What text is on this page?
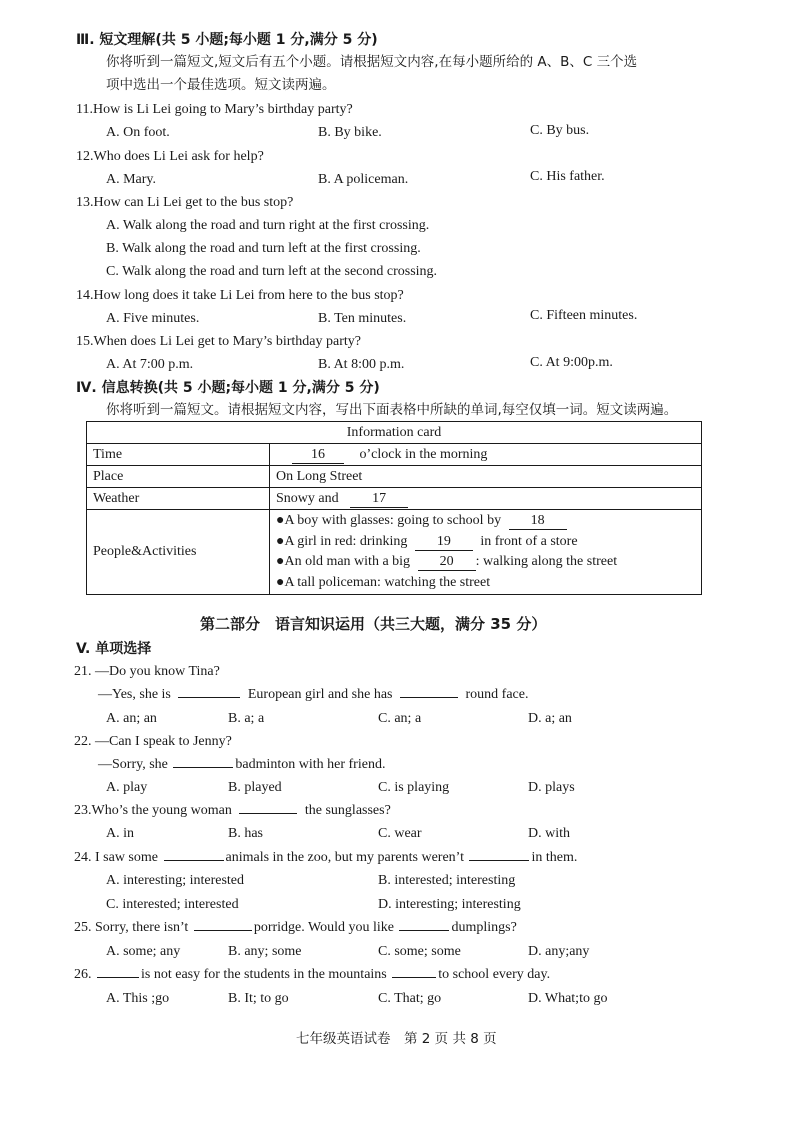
Ⅲ. 短文理解(共 5 小题;每小题 1 分,满分 5 分)
你将听到一篇短文,短文后有五个小题。请根据短文内容,在每小题所给的 A、B、C 三个选
项中选出一个最佳选项。短文读两遍。
11.How is Li Lei going to Mary’s birthday party?
A. On foot.	B. By bike.	C. By bus.
12.Who does Li Lei ask for help?
A. Mary.	B. A policeman.	C. His father.
13.How can Li Lei get to the bus stop?
A. Walk along the road and turn right at the first crossing.
B. Walk along the road and turn left at the first crossing.
C. Walk along the road and turn left at the second crossing.
14.How long does it take Li Lei from here to the bus stop?
A. Five minutes.	B. Ten minutes.	C. Fifteen minutes.
15.When does Li Lei get to Mary’s birthday party?
A. At 7:00 p.m.	B. At 8:00 p.m.	C. At 9:00p.m.
Ⅳ. 信息转换(共 5 小题;每小题 1 分,满分 5 分)
你将听到一篇短文。请根据短文内容，写出下面表格中所缺的单词,每空仅填一词。短文读两遍。
Information card	
Time	16 o’clock in the morning
Place	On Long Street
Weather	Snowy and 17
People&Activities	●A boy with glasses: going to school by 18
●A girl in red: drinking 19 in front of a store
●An old man with a big 20 : walking along the street
●A tall policeman: watching the street
第二部分　语言知识运用（共三大题，满分 35 分）
V. 单项选择
21. —Do you know Tina?
—Yes, she is	European girl and she has	round face.
A. an; an	B. a; a	C. an; a	D. a; an
22. —Can I speak to Jenny?
—Sorry, she	badminton with her friend.
A. play	B. played	C. is playing	D. plays
23.Who’s the young woman	the sunglasses?
A. in	B. has	C. wear	D. with
24. I saw some	animals in the zoo, but my parents weren’t	in them.
A. interesting; interested	B. interested; interesting
C. interested; interested	D. interesting; interesting
25. Sorry, there isn’t	porridge. Would you like	dumplings?
A. some; any	B. any; some	C. some; some	D. any;any
26.	is not easy for the students in the mountains	to school every day.
A. This ;go	B. It; to go	C. That; go	D. What;to go
七年级英语试卷　第 2 页 共 8 页
